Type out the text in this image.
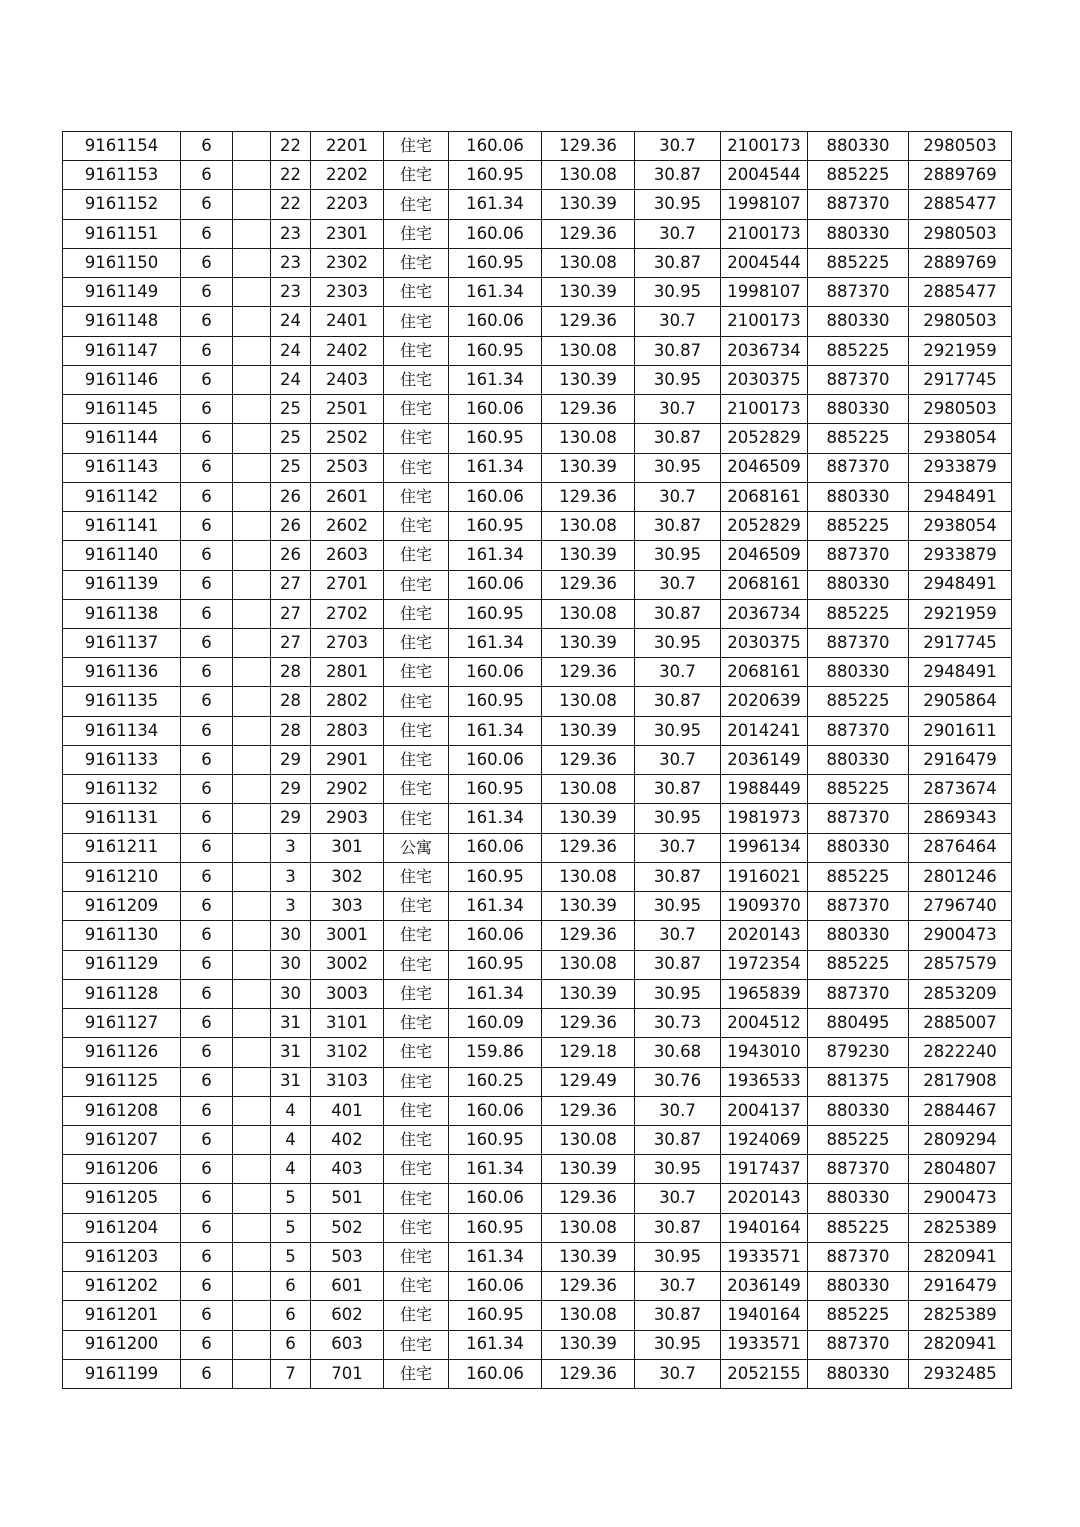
9161154	6		22	2201	住宅	160.06	129.36	30.7	2100173	880330	2980503
9161153	6		22	2202	住宅	160.95	130.08	30.87	2004544	885225	2889769
9161152	6		22	2203	住宅	161.34	130.39	30.95	1998107	887370	2885477
9161151	6		23	2301	住宅	160.06	129.36	30.7	2100173	880330	2980503
9161150	6		23	2302	住宅	160.95	130.08	30.87	2004544	885225	2889769
9161149	6		23	2303	住宅	161.34	130.39	30.95	1998107	887370	2885477
9161148	6		24	2401	住宅	160.06	129.36	30.7	2100173	880330	2980503
9161147	6		24	2402	住宅	160.95	130.08	30.87	2036734	885225	2921959
9161146	6		24	2403	住宅	161.34	130.39	30.95	2030375	887370	2917745
9161145	6		25	2501	住宅	160.06	129.36	30.7	2100173	880330	2980503
9161144	6		25	2502	住宅	160.95	130.08	30.87	2052829	885225	2938054
9161143	6		25	2503	住宅	161.34	130.39	30.95	2046509	887370	2933879
9161142	6		26	2601	住宅	160.06	129.36	30.7	2068161	880330	2948491
9161141	6		26	2602	住宅	160.95	130.08	30.87	2052829	885225	2938054
9161140	6		26	2603	住宅	161.34	130.39	30.95	2046509	887370	2933879
9161139	6		27	2701	住宅	160.06	129.36	30.7	2068161	880330	2948491
9161138	6		27	2702	住宅	160.95	130.08	30.87	2036734	885225	2921959
9161137	6		27	2703	住宅	161.34	130.39	30.95	2030375	887370	2917745
9161136	6		28	2801	住宅	160.06	129.36	30.7	2068161	880330	2948491
9161135	6		28	2802	住宅	160.95	130.08	30.87	2020639	885225	2905864
9161134	6		28	2803	住宅	161.34	130.39	30.95	2014241	887370	2901611
9161133	6		29	2901	住宅	160.06	129.36	30.7	2036149	880330	2916479
9161132	6		29	2902	住宅	160.95	130.08	30.87	1988449	885225	2873674
9161131	6		29	2903	住宅	161.34	130.39	30.95	1981973	887370	2869343
9161211	6		3	301	公寓	160.06	129.36	30.7	1996134	880330	2876464
9161210	6		3	302	住宅	160.95	130.08	30.87	1916021	885225	2801246
9161209	6		3	303	住宅	161.34	130.39	30.95	1909370	887370	2796740
9161130	6		30	3001	住宅	160.06	129.36	30.7	2020143	880330	2900473
9161129	6		30	3002	住宅	160.95	130.08	30.87	1972354	885225	2857579
9161128	6		30	3003	住宅	161.34	130.39	30.95	1965839	887370	2853209
9161127	6		31	3101	住宅	160.09	129.36	30.73	2004512	880495	2885007
9161126	6		31	3102	住宅	159.86	129.18	30.68	1943010	879230	2822240
9161125	6		31	3103	住宅	160.25	129.49	30.76	1936533	881375	2817908
9161208	6		4	401	住宅	160.06	129.36	30.7	2004137	880330	2884467
9161207	6		4	402	住宅	160.95	130.08	30.87	1924069	885225	2809294
9161206	6		4	403	住宅	161.34	130.39	30.95	1917437	887370	2804807
9161205	6		5	501	住宅	160.06	129.36	30.7	2020143	880330	2900473
9161204	6		5	502	住宅	160.95	130.08	30.87	1940164	885225	2825389
9161203	6		5	503	住宅	161.34	130.39	30.95	1933571	887370	2820941
9161202	6		6	601	住宅	160.06	129.36	30.7	2036149	880330	2916479
9161201	6		6	602	住宅	160.95	130.08	30.87	1940164	885225	2825389
9161200	6		6	603	住宅	161.34	130.39	30.95	1933571	887370	2820941
9161199	6		7	701	住宅	160.06	129.36	30.7	2052155	880330	2932485
